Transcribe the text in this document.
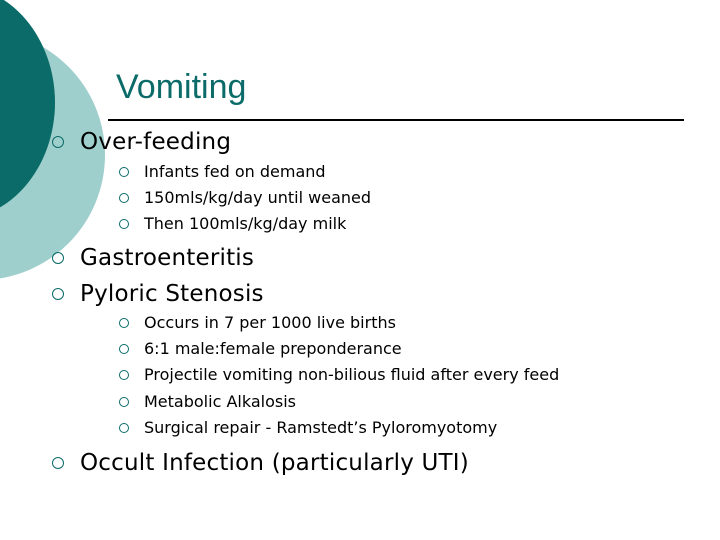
Vomiting
Over-feeding
Infants fed on demand
150mls/kg/day until weaned
Then 100mls/kg/day milk
Gastroenteritis
Pyloric Stenosis
Occurs in 7 per 1000 live births
6:1 male:female preponderance
Projectile vomiting non-bilious fluid after every feed
Metabolic Alkalosis
Surgical repair - Ramstedt’s Pyloromyotomy
Occult Infection (particularly UTI)
